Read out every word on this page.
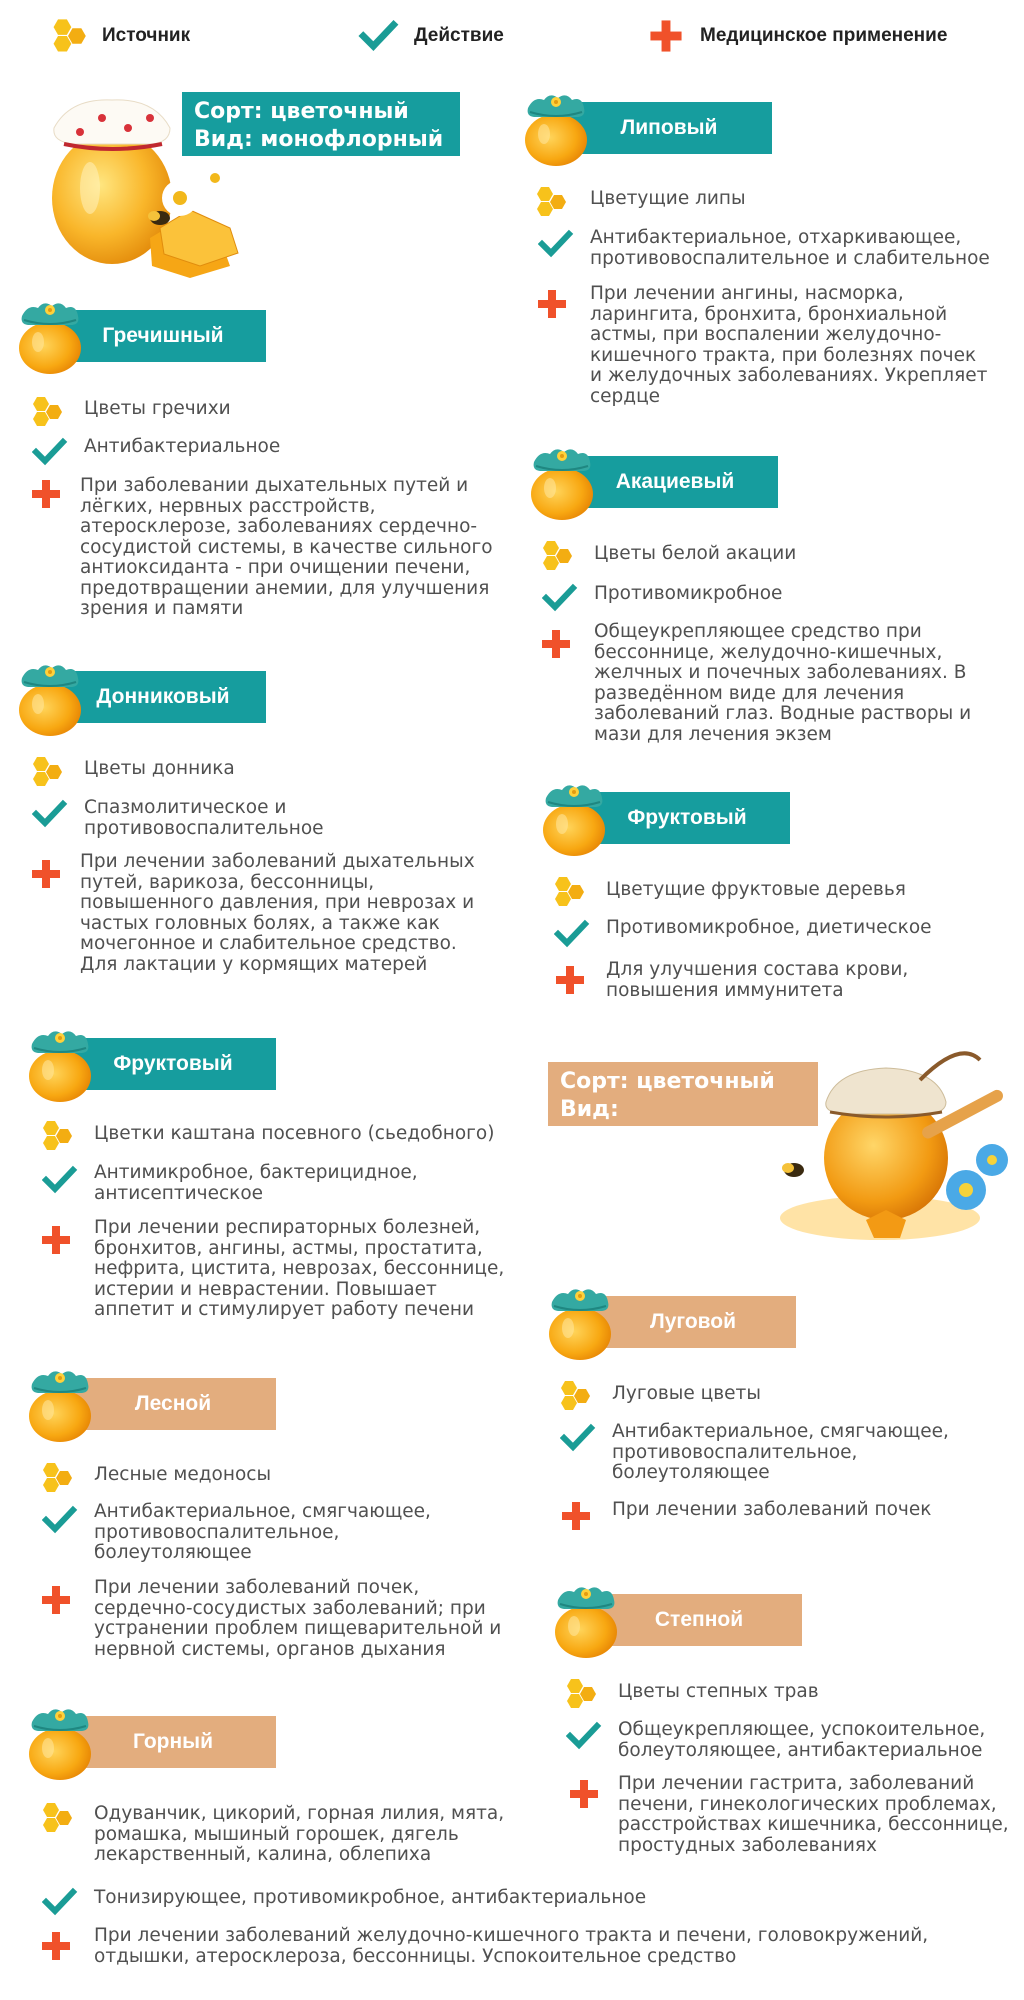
Источник	Действие	Медицинское применение
Сорт: цветочный
Вид: монофлорный
Сорт: цветочный
Вид: полифлорный
Гречишный
Цветы гречихи
Антибактериальное
При заболевании дыхательных путей и лёгких, нервных расстройств, атеросклерозе, заболеваниях сердечно-сосудистой системы, в качестве сильного антиоксиданта - при очищении печени, предотвращении анемии, для улучшения зрения и памяти
Донниковый
Цветы донника
Спазмолитическое и противовоспалительное
При лечении заболеваний дыхательных путей, варикоза, бессонницы, повышенного давления, при неврозах и частых головных болях, а также как мочегонное и слабительное средство. Для лактации у кормящих матерей
Фруктовый
Цветки каштана посевного (сьедобного)
Антимикробное, бактерицидное, антисептическое
При лечении респираторных болезней, бронхитов, ангины, астмы, простатита, нефрита, цистита, неврозах, бессоннице, истерии и неврастении. Повышает аппетит и стимулирует работу печени
Лесной
Лесные медоносы
Антибактериальное, смягчающее, противовоспалительное, болеутоляющее
При лечении заболеваний почек, сердечно-сосудистых заболеваний; при устранении проблем пищеварительной и нервной системы, органов дыхания
Горный
Одуванчик, цикорий, горная лилия, мята, ромашка, мышиный горошек, дягель лекарственный, калина, облепиха
Тонизирующее, противомикробное, антибактериальное
При лечении заболеваний желудочно-кишечного тракта и печени, головокружений, отдышки, атеросклероза, бессонницы. Успокоительное средство
Липовый
Цветущие липы
Антибактериальное, отхаркивающее, противовоспалительное и слабительное
При лечении ангины, насморка, ларингита, бронхита, бронхиальной астмы, при воспалении желудочно-кишечного тракта, при болезнях почек и желудочных заболеваниях. Укрепляет сердце
Акациевый
Цветы белой акации
Противомикробное
Общеукрепляющее средство при бессоннице, желудочно-кишечных, желчных и почечных заболеваниях. В разведённом виде для лечения заболеваний глаз. Водные растворы и мази для лечения экзем
Фруктовый
Цветущие фруктовые деревья
Противомикробное, диетическое
Для улучшения состава крови, повышения иммунитета
Луговой
Луговые цветы
Антибактериальное, смягчающее, противовоспалительное, болеутоляющее
При лечении заболеваний почек
Степной
Цветы степных трав
Общеукрепляющее, успокоительное, болеутоляющее, антибактериальное
При лечении гастрита, заболеваний печени, гинекологических проблемах, расстройствах кишечника, бессоннице, простудных заболеваниях
